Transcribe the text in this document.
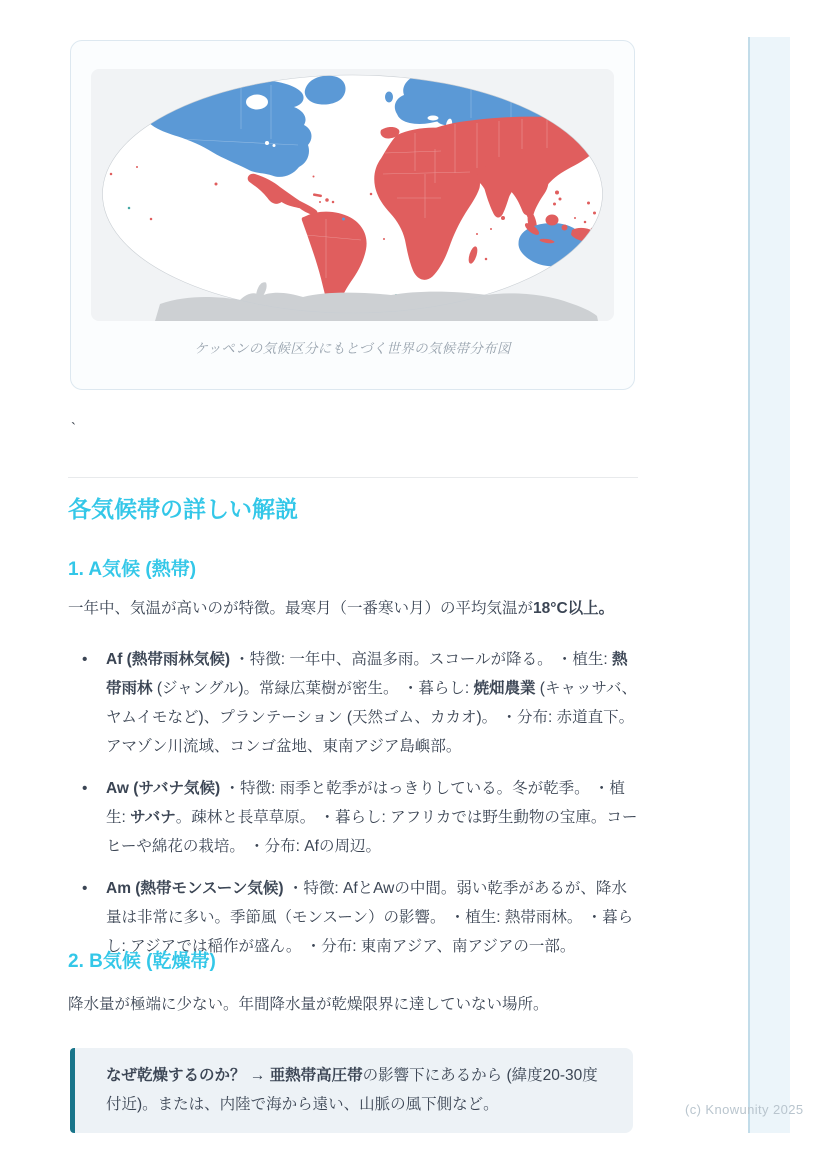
ケッペンの気候区分にもとづく世界の気候帯分布図
`
各気候帯の詳しい解説
1. A気候 (熱帯)

一年中、気温が高いのが特徴。最寒月（一番寒い月）の平均気温が18°C以上。

• Af (熱帯雨林気候) ・特徴: 一年中、高温多雨。スコールが降る。 ・植生: 熱帯雨林 (ジャングル)。常緑広葉樹が密生。 ・暮らし: 焼畑農業 (キャッサバ、ヤムイモなど)、プランテーション (天然ゴム、カカオ)。 ・分布: 赤道直下。アマゾン川流域、コンゴ盆地、東南アジア島嶼部。
• Aw (サバナ気候) ・特徴: 雨季と乾季がはっきりしている。冬が乾季。 ・植生: サバナ。疎林と長草草原。 ・暮らし: アフリカでは野生動物の宝庫。コーヒーや綿花の栽培。 ・分布: Afの周辺。
• Am (熱帯モンスーン気候) ・特徴: AfとAwの中間。弱い乾季があるが、降水量は非常に多い。季節風（モンスーン）の影響。 ・植生: 熱帯雨林。 ・暮らし: アジアでは稲作が盛ん。 ・分布: 東南アジア、南アジアの一部。
2. B気候 (乾燥帯)

降水量が極端に少ない。年間降水量が乾燥限界に達していない場所。

なぜ乾燥するのか？ → 亜熱帯高圧帯の影響下にあるから (緯度20-30度付近)。または、内陸で海から遠い、山脈の風下側など。	(c) Knowunity 2025
